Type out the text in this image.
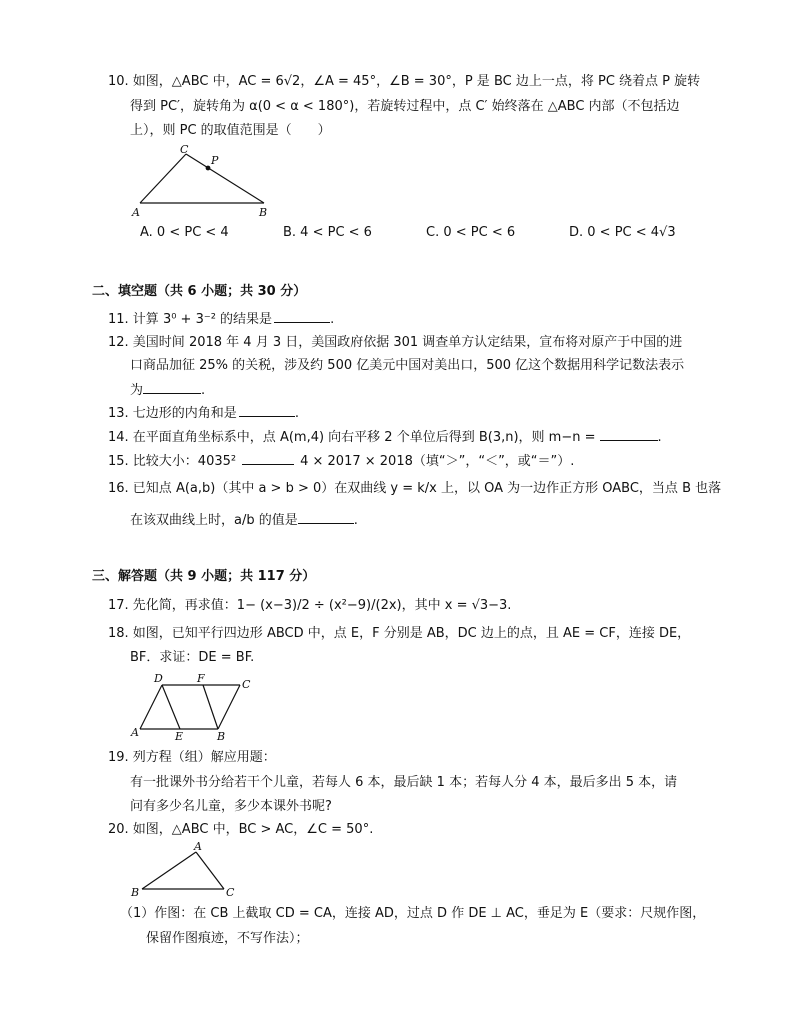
10. 如图，△ABC 中，AC = 6√2，∠A = 45°，∠B = 30°，P 是 BC 边上一点，将 PC 绕着点 P 旋转
得到 PC′，旋转角为 α(0 < α < 180°)，若旋转过程中，点 C′ 始终落在 △ABC 内部（不包括边
上），则 PC 的取值范围是（　　）
C
P
A	B
A. 0 < PC < 4	B. 4 < PC < 6	C. 0 < PC < 6	D. 0 < PC < 4√3
二、填空题（共 6 小题；共 30 分）
11. 计算 3⁰ + 3⁻² 的结果是	.
12. 美国时间 2018 年 4 月 3 日，美国政府依据 301 调查单方认定结果，宣布将对原产于中国的进
口商品加征 25% 的关税，涉及约 500 亿美元中国对美出口，500 亿这个数据用科学记数法表示
为	.
13. 七边形的内角和是	.
14. 在平面直角坐标系中，点 A(m,4) 向右平移 2 个单位后得到 B(3,n)，则 m−n =	.
15. 比较大小：4035²	4 × 2017 × 2018（填“＞”，“＜”，或“＝”）.
16. 已知点 A(a,b)（其中 a > b > 0）在双曲线 y = k/x 上，以 OA 为一边作正方形 OABC，当点 B 也落
在该双曲线上时，a/b 的值是	.
三、解答题（共 9 小题；共 117 分）
17. 先化简，再求值：1− (x−3)/2 ÷ (x²−9)/(2x)，其中 x = √3−3.
18. 如图，已知平行四边形 ABCD 中，点 E，F 分别是 AB，DC 边上的点，且 AE = CF，连接 DE，
BF．求证：DE = BF.
D	F	C
A	E	B
19. 列方程（组）解应用题：
有一批课外书分给若干个儿童，若每人 6 本，最后缺 1 本；若每人分 4 本，最后多出 5 本，请
问有多少名儿童，多少本课外书呢?
20. 如图，△ABC 中，BC > AC，∠C = 50°.
A
B	C
（1）作图：在 CB 上截取 CD = CA，连接 AD，过点 D 作 DE ⊥ AC，垂足为 E（要求：尺规作图，
保留作图痕迹，不写作法）；
